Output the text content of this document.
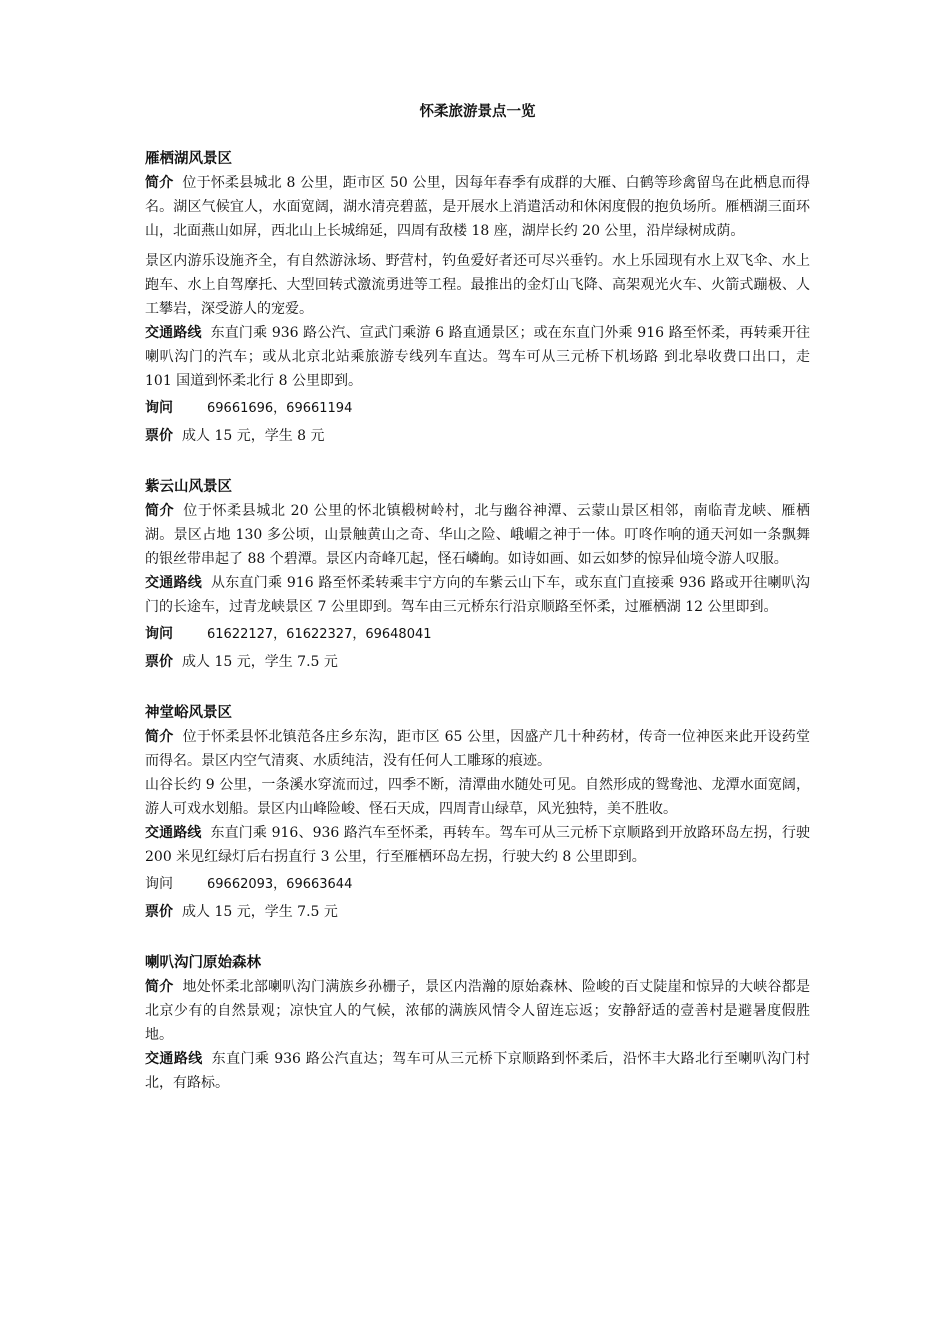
怀柔旅游景点一览
雁栖湖风景区

简介 位于怀柔县城北 8 公里，距市区 50 公里，因每年春季有成群的大雁、白鹤等珍禽留鸟在此栖息而得名。湖区气候宜人，水面宽阔，湖水清亮碧蓝，是开展水上消遣活动和休闲度假的抱负场所。雁栖湖三面环山，北面燕山如屏，西北山上长城绵延，四周有敌楼 18 座，湖岸长约 20 公里，沿岸绿树成荫。

景区内游乐设施齐全，有自然游泳场、野营村，钓鱼爱好者还可尽兴垂钓。水上乐园现有水上双飞伞、水上跑车、水上自驾摩托、大型回转式激流勇进等工程。最推出的金灯山飞降、高架观光火车、火箭式蹦极、人工攀岩，深受游人的宠爱。

交通路线 东直门乘 936 路公汽、宣武门乘游 6 路直通景区；或在东直门外乘 916 路至怀柔，再转乘开往喇叭沟门的汽车；或从北京北站乘旅游专线列车直达。驾车可从三元桥下机场路 到北皋收费口出口，走 101 国道到怀柔北行 8 公里即到。

询问	69661696，69661194
票价 成人 15 元，学生 8 元
紫云山风景区

简介 位于怀柔县城北 20 公里的怀北镇椴树岭村，北与幽谷神潭、云蒙山景区相邻，南临青龙峡、雁栖湖。景区占地 130 多公顷，山景触黄山之奇、华山之险、峨嵋之神于一体。叮咚作响的通天河如一条飘舞的银丝带串起了 88 个碧潭。景区内奇峰兀起，怪石嶙峋。如诗如画、如云如梦的惊异仙境令游人叹服。

交通路线 从东直门乘 916 路至怀柔转乘丰宁方向的车紫云山下车，或东直门直接乘 936 路或开往喇叭沟门的长途车，过青龙峡景区 7 公里即到。驾车由三元桥东行沿京顺路至怀柔，过雁栖湖 12 公里即到。

询问	61622127，61622327，69648041
票价 成人 15 元，学生 7.5 元
神堂峪风景区

简介 位于怀柔县怀北镇范各庄乡东沟，距市区 65 公里，因盛产几十种药材，传奇一位神医来此开设药堂而得名。景区内空气清爽、水质纯洁，没有任何人工雕琢的痕迹。

山谷长约 9 公里，一条溪水穿流而过，四季不断，清潭曲水随处可见。自然形成的鸳鸯池、龙潭水面宽阔，游人可戏水划船。景区内山峰险峻、怪石天成，四周青山绿草，风光独特，美不胜收。

交通路线 东直门乘 916、936 路汽车至怀柔，再转车。驾车可从三元桥下京顺路到开放路环岛左拐，行驶 200 米见红绿灯后右拐直行 3 公里，行至雁栖环岛左拐，行驶大约 8 公里即到。

询问	69662093，69663644
票价 成人 15 元，学生 7.5 元
喇叭沟门原始森林

简介 地处怀柔北部喇叭沟门满族乡孙栅子，景区内浩瀚的原始森林、险峻的百丈陡崖和惊异的大峡谷都是北京少有的自然景观；凉快宜人的气候，浓郁的满族风情令人留连忘返；安静舒适的壹善村是避暑度假胜地。

交通路线 东直门乘 936 路公汽直达；驾车可从三元桥下京顺路到怀柔后，沿怀丰大路北行至喇叭沟门村北，有路标。
